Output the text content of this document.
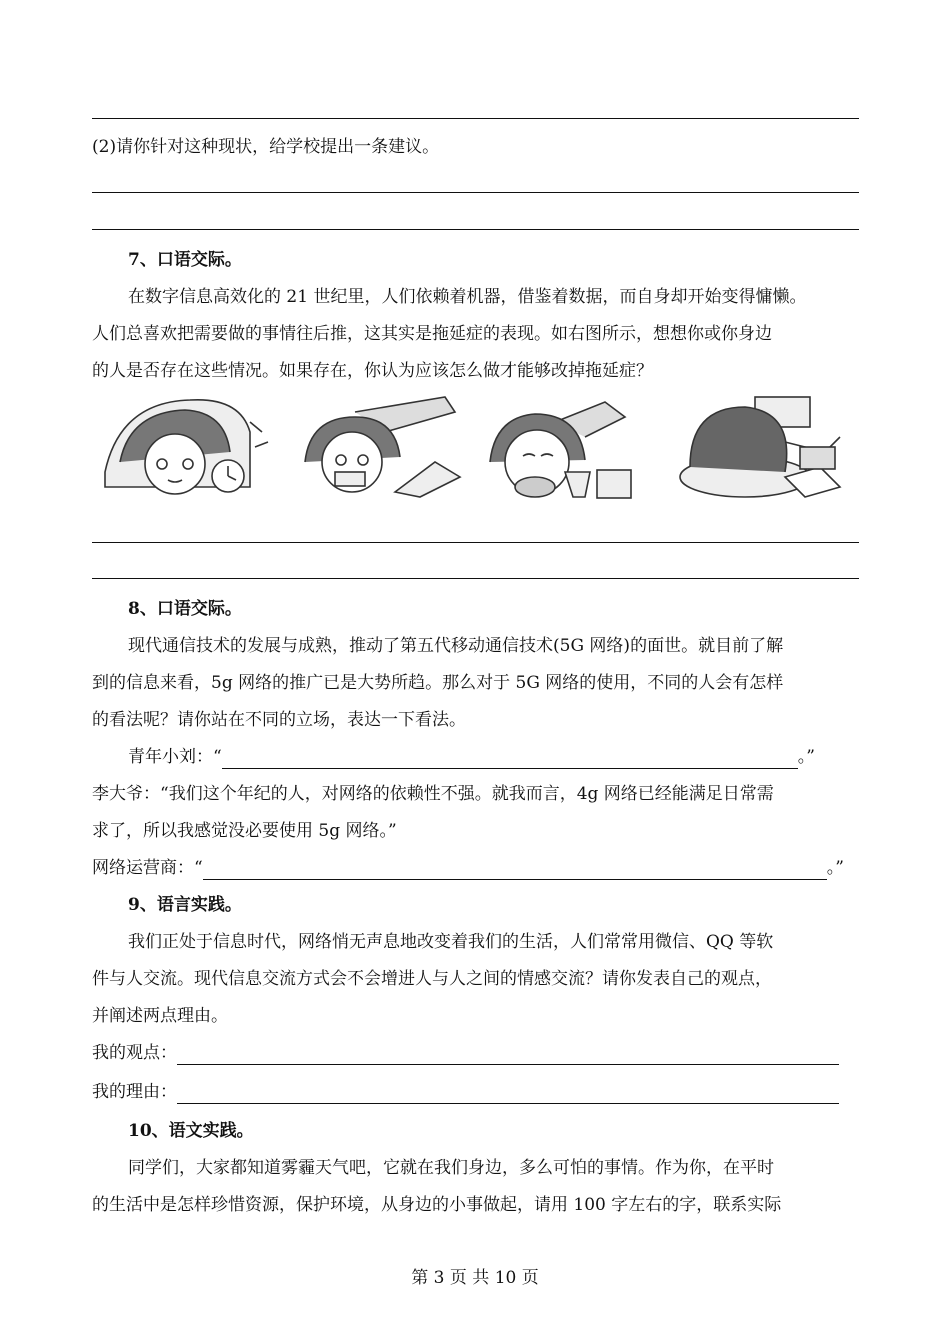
(2)请你针对这种现状，给学校提出一条建议。
7、口语交际。
在数字信息高效化的 21 世纪里，人们依赖着机器，借鉴着数据，而自身却开始变得慵懒。
人们总喜欢把需要做的事情往后推，这其实是拖延症的表现。如右图所示，想想你或你身边
的人是否存在这些情况。如果存在，你认为应该怎么做才能够改掉拖延症？
8、口语交际。
现代通信技术的发展与成熟，推动了第五代移动通信技术(5G 网络)的面世。就目前了解
到的信息来看，5g 网络的推广已是大势所趋。那么对于 5G 网络的使用，不同的人会有怎样
的看法呢？请你站在不同的立场，表达一下看法。
青年小刘：“	。”
李大爷：“我们这个年纪的人，对网络的依赖性不强。就我而言，4g 网络已经能满足日常需
求了，所以我感觉没必要使用 5g 网络。”
网络运营商：“	。”
9、语言实践。
我们正处于信息时代，网络悄无声息地改变着我们的生活，人们常常用微信、QQ 等软
件与人交流。现代信息交流方式会不会增进人与人之间的情感交流？请你发表自己的观点，
并阐述两点理由。
我的观点：
我的理由：
10、语文实践。
同学们，大家都知道雾霾天气吧，它就在我们身边，多么可怕的事情。作为你，在平时
的生活中是怎样珍惜资源，保护环境，从身边的小事做起，请用 100 字左右的字，联系实际
第 3 页 共 10 页
